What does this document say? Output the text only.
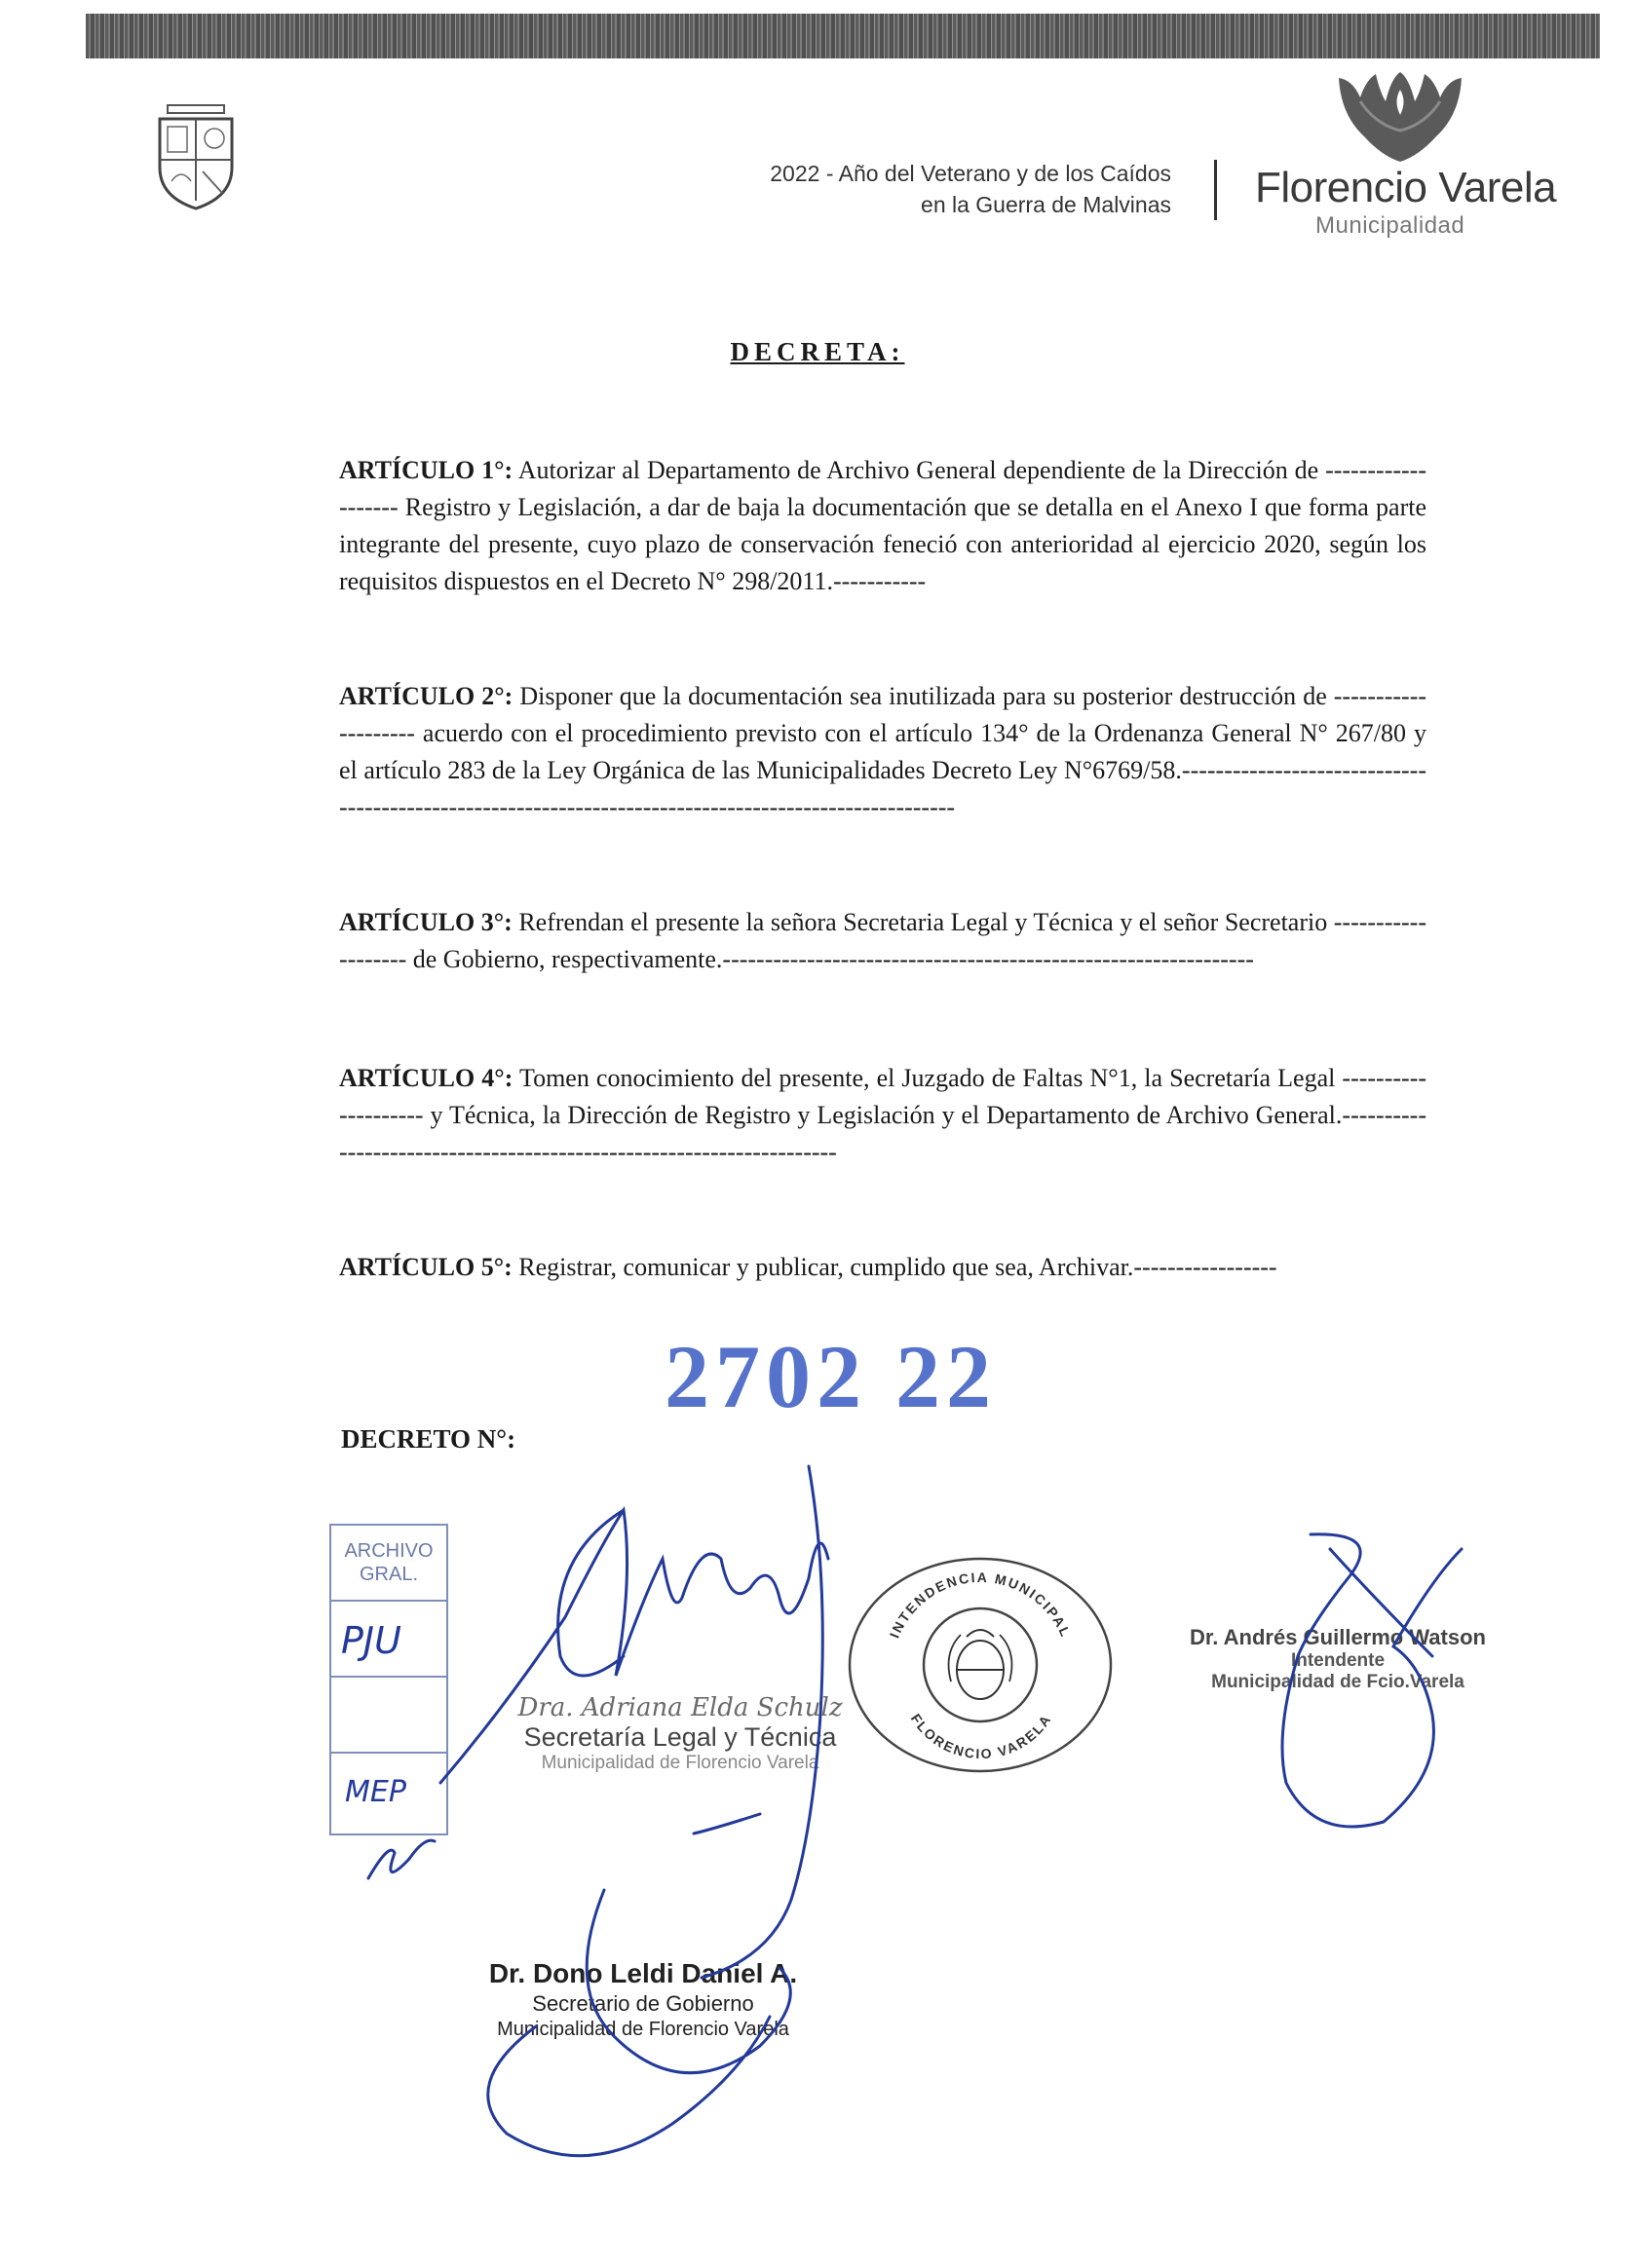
2022 - Año del Veterano y de los Caídos
en la Guerra de Malvinas Florencio Varela
Municipalidad
DECRETA:
ARTÍCULO 1°: Autorizar al Departamento de Archivo General dependiente de la Dirección de ------------------- Registro y Legislación, a dar de baja la documentación que se detalla en el Anexo I que forma parte integrante del presente, cuyo plazo de conservación feneció con anterioridad al ejercicio 2020, según los requisitos dispuestos en el Decreto N° 298/2011.-----------
ARTÍCULO 2°: Disponer que la documentación sea inutilizada para su posterior destrucción de -------------------- acuerdo con el procedimiento previsto con el artículo 134° de la Ordenanza General N° 267/80 y el artículo 283 de la Ley Orgánica de las Municipalidades Decreto Ley N°6769/58.------------------------------------------------------------------------------------------------------
ARTÍCULO 3°: Refrendan el presente la señora Secretaria Legal y Técnica y el señor Secretario ------------------- de Gobierno, respectivamente.---------------------------------------------------------------
ARTÍCULO 4°: Tomen conocimiento del presente, el Juzgado de Faltas N°1, la Secretaría Legal -------------------- y Técnica, la Dirección de Registro y Legislación y el Departamento de Archivo General.---------------------------------------------------------------------
ARTÍCULO 5°: Registrar, comunicar y publicar, cumplido que sea, Archivar.-----------------
DECRETO N°:
2702 22
ARCHIVO
GRAL.
PJU
MEP
Dra. Adriana Elda Schulz
Secretaría Legal y Técnica
Municipalidad de Florencio Varela
INTENDENCIA MUNICIPAL
FLORENCIO VARELA
Dr. Andrés Guillermo Watson
Intendente
Municipalidad de Fcio.Varela
Dr. Dono Leldi Daniel A.
Secretario de Gobierno
Municipalidad de Florencio Varela
